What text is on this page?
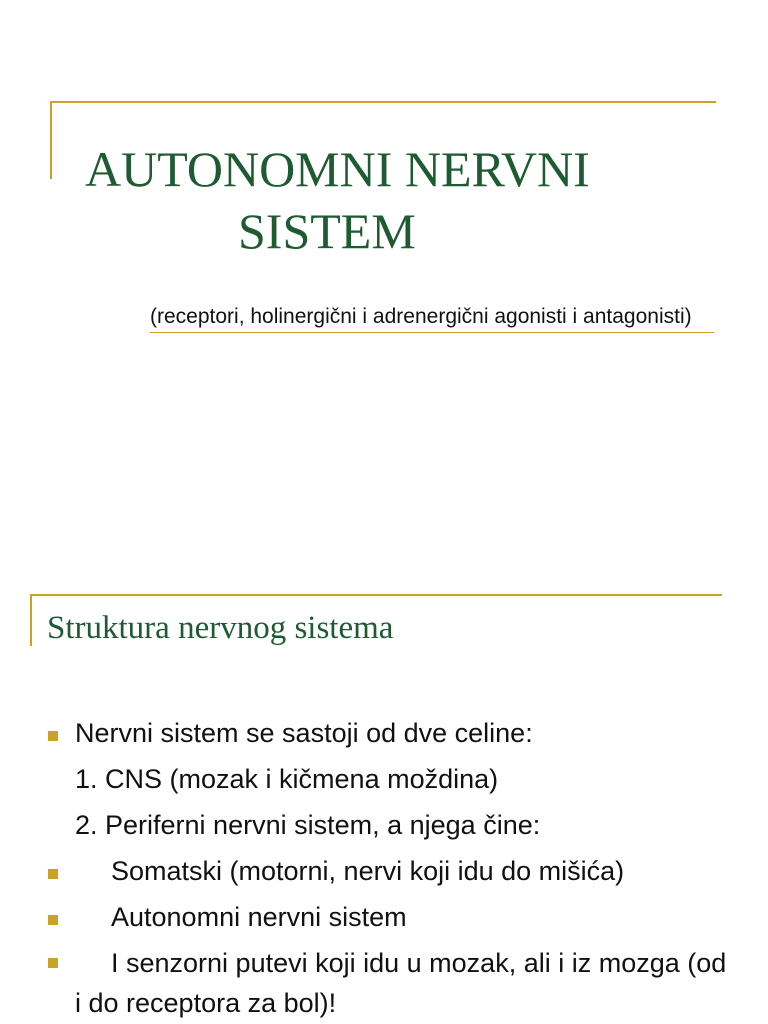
AUTONOMNI NERVNI
SISTEM

(receptori, holinergični i adrenergični agonisti i antagonisti)

Struktura nervnog sistema
Nervni sistem se sastoji od dve celine:
1. CNS (mozak i kičmena moždina)
2. Periferni nervni sistem, a njega čine:
Somatski (motorni, nervi koji idu do mišića)
Autonomni nervni sistem
I senzorni putevi koji idu u mozak, ali i iz mozga (od i do receptora za bol)!
